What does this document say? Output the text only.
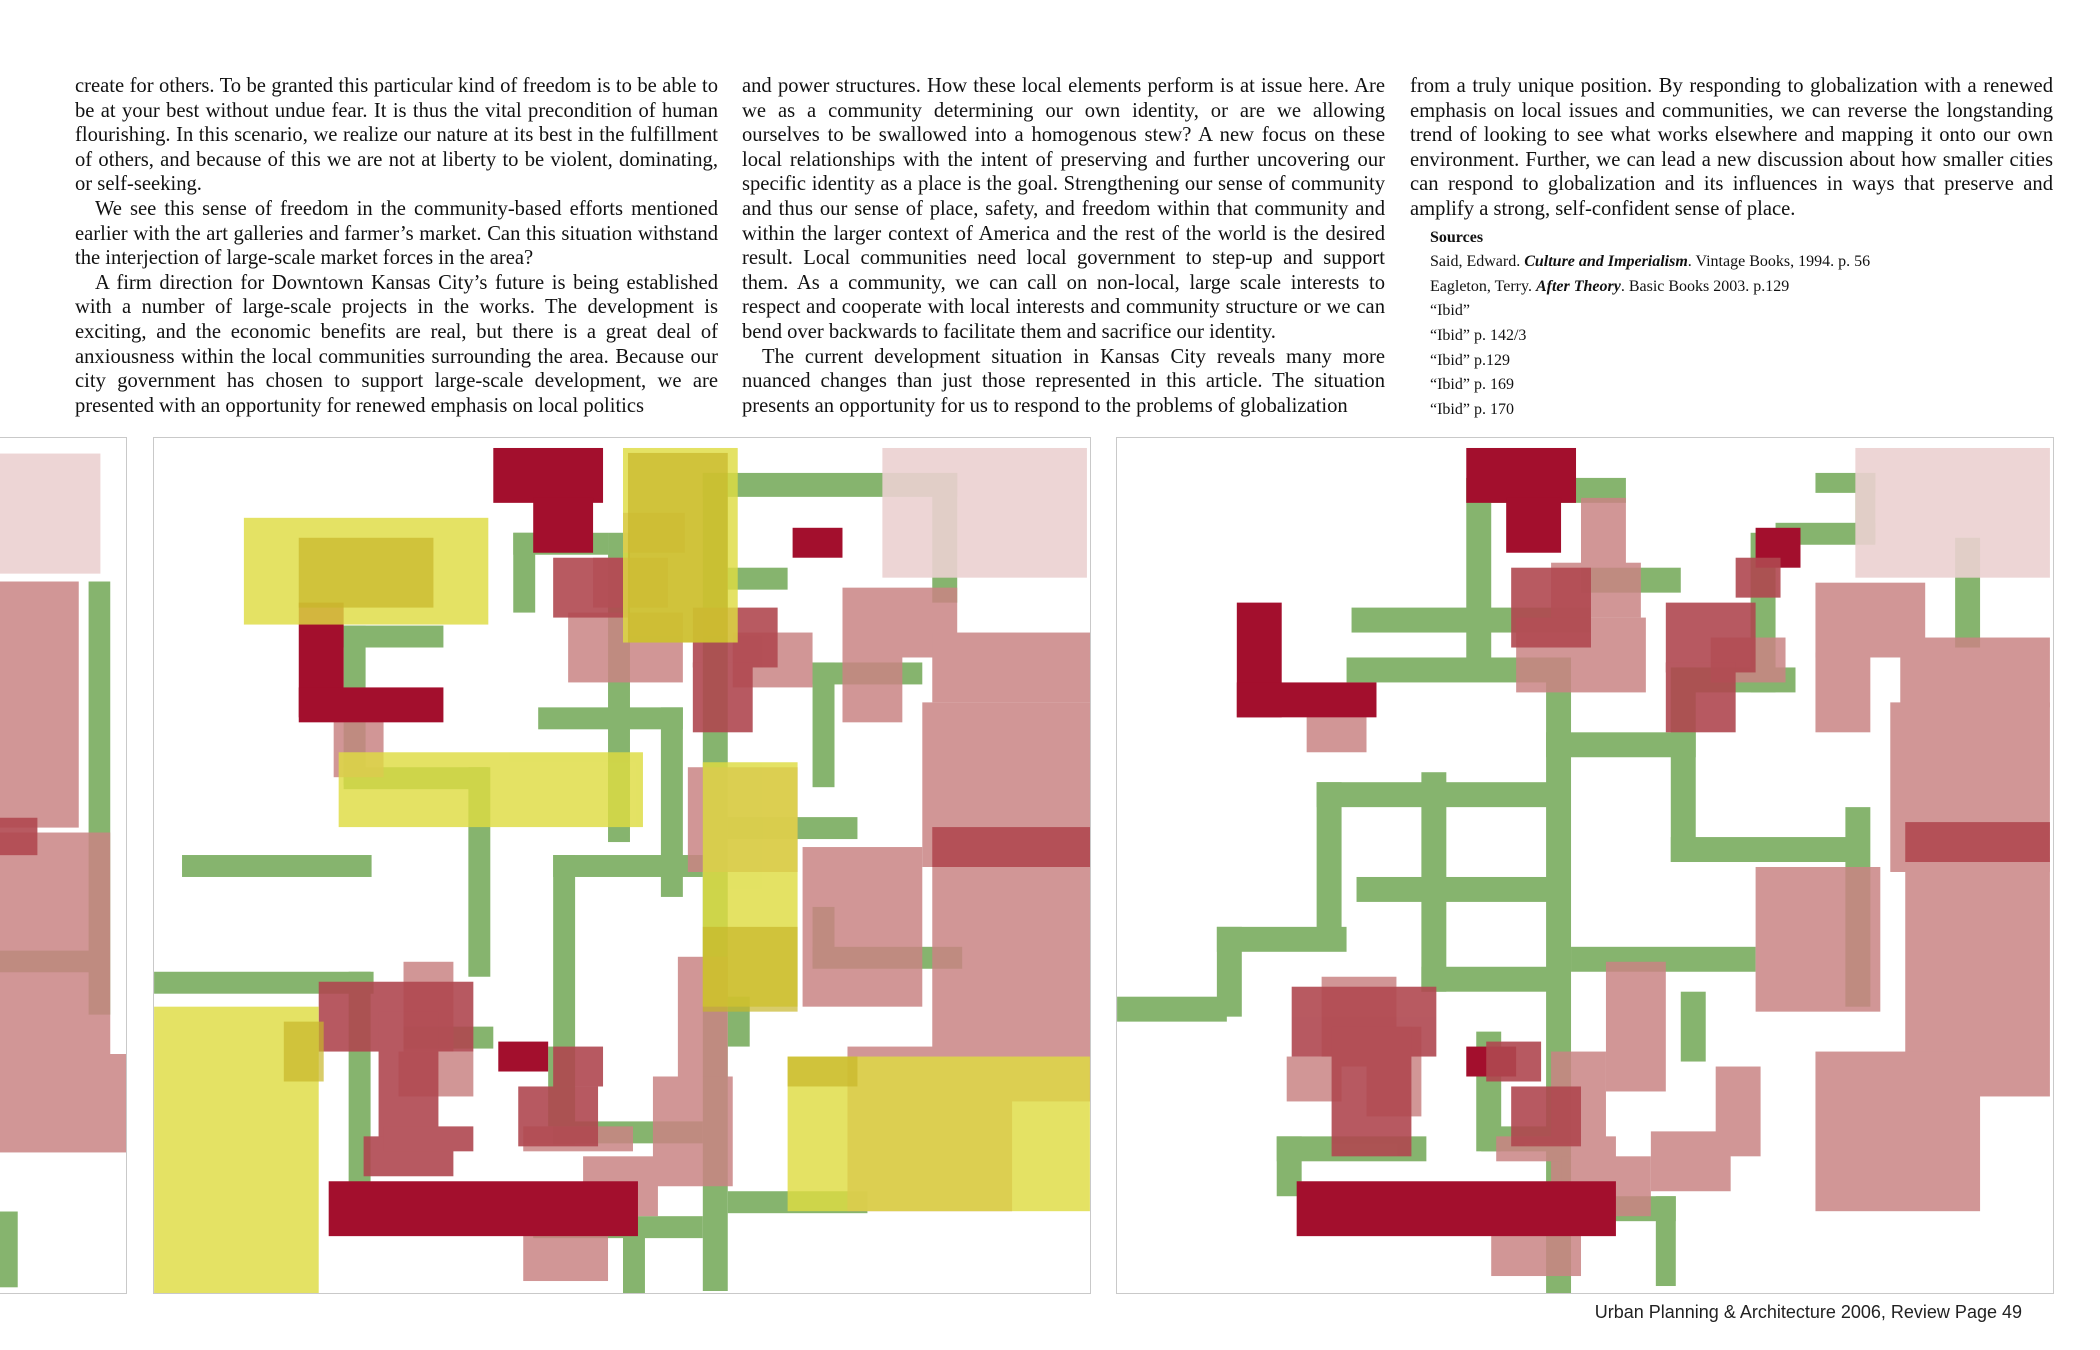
create for others. To be granted this particular kind of freedom is to be able to be at your best without undue fear. It is thus the vital precondition of human flourishing. In this scenario, we realize our nature at its best in the fulfillment of others, and because of this we are not at liberty to be violent, dominating, or self-seeking.

We see this sense of freedom in the community-based efforts mentioned earlier with the art galleries and farmer’s market. Can this situation withstand the interjection of large-scale market forces in the area?

A firm direction for Downtown Kansas City’s future is being established with a number of large-scale projects in the works. The development is exciting, and the economic benefits are real, but there is a great deal of anxiousness within the local communities surrounding the area. Because our city government has chosen to support large-scale development, we are presented with an opportunity for renewed emphasis on local politics

and power structures. How these local elements perform is at issue here. Are we as a community determining our own identity, or are we allowing ourselves to be swallowed into a homogenous stew? A new focus on these local relationships with the intent of preserving and further uncovering our specific identity as a place is the goal. Strengthening our sense of community and thus our sense of place, safety, and freedom within that community and within the larger context of America and the rest of the world is the desired result. Local communities need local government to step-up and support them. As a community, we can call on non-local, large scale interests to respect and cooperate with local interests and community structure or we can bend over backwards to facilitate them and sacrifice our identity.

The current development situation in Kansas City reveals many more nuanced changes than just those represented in this article. The situation presents an opportunity for us to respond to the problems of globalization

from a truly unique position. By responding to globalization with a renewed emphasis on local issues and communities, we can reverse the longstanding trend of looking to see what works elsewhere and mapping it onto our own environment. Further, we can lead a new discussion about how smaller cities can respond to globalization and its influences in ways that preserve and amplify a strong, self-confident sense of place.

Sources
Said, Edward. Culture and Imperialism. Vintage Books, 1994. p. 56
Eagleton, Terry. After Theory. Basic Books 2003. p.129
“Ibid”
“Ibid” p. 142/3
“Ibid” p.129
“Ibid” p. 169
“Ibid” p. 170
Urban Planning & Architecture 2006, Review Page 49
